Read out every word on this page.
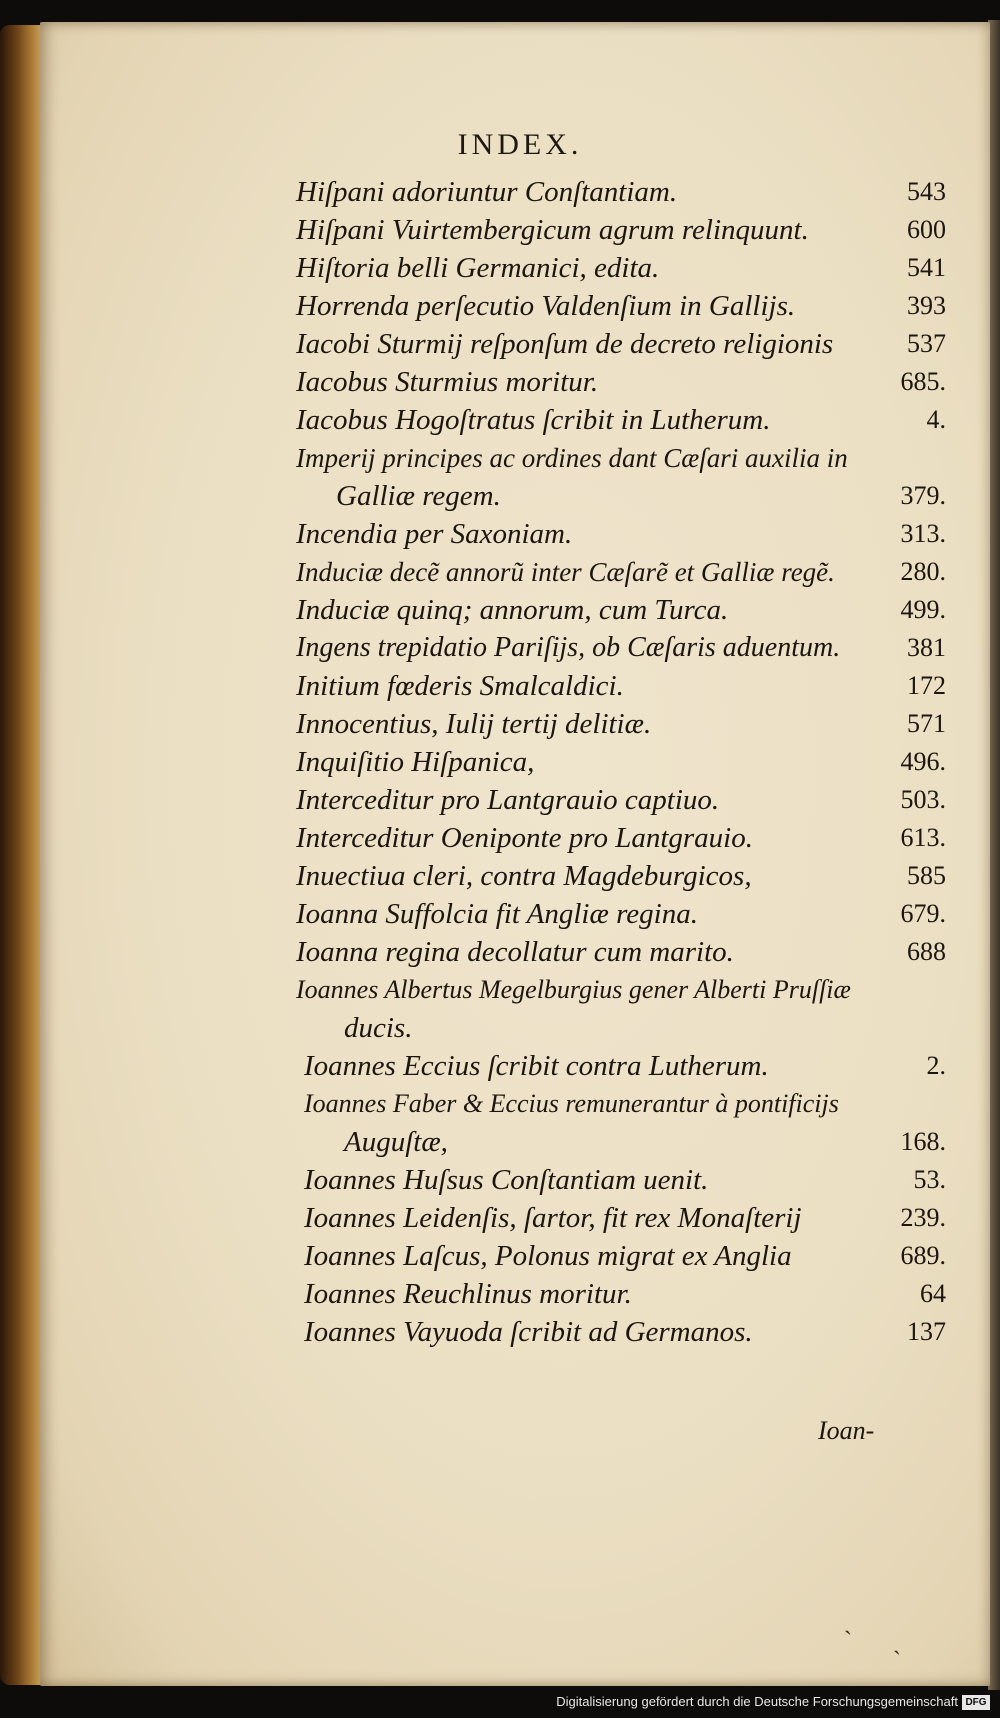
INDEX.
Hiſpani adoriuntur Conſtantiam.	543
Hiſpani Vuirtembergicum agrum relinquunt.	600
Hiſtoria belli Germanici, edita.	541
Horrenda perſecutio Valdenſium in Gallijs.	393
Iacobi Sturmij reſponſum de decreto religionis	537
Iacobus Sturmius moritur.	685.
Iacobus Hogoſtratus ſcribit in Lutherum.	4.
Imperij principes ac ordines dant Cæſari auxilia in
Galliæ regem.	379.
Incendia per Saxoniam.	313.
Induciæ decẽ annorũ inter Cæſarẽ et Galliæ regẽ.	280.
Induciæ quinq; annorum, cum Turca.	499.
Ingens trepidatio Pariſijs, ob Cæſaris aduentum.	381
Initium fœderis Smalcaldici.	172
Innocentius, Iulij tertij delitiæ.	571
Inquiſitio Hiſpanica,	496.
Interceditur pro Lantgrauio captiuo.	503.
Interceditur Oeniponte pro Lantgrauio.	613.
Inuectiua cleri, contra Magdeburgicos,	585
Ioanna Suffolcia fit Angliæ regina.	679.
Ioanna regina decollatur cum marito.	688
Ioannes Albertus Megelburgius gener Alberti Pruſſiæ
ducis.
Ioannes Eccius ſcribit contra Lutherum.	2.
Ioannes Faber & Eccius remunerantur à pontificijs
Auguſtæ,	168.
Ioannes Huſsus Conſtantiam uenit.	53.
Ioannes Leidenſis, ſartor, fit rex Monaſterij	239.
Ioannes Laſcus, Polonus migrat ex Anglia	689.
Ioannes Reuchlinus moritur.	64
Ioannes Vayuoda ſcribit ad Germanos.	137
Ioan-
ˋ
ˋ
Digitalisierung gefördert durch die Deutsche Forschungsgemeinschaft DFG
